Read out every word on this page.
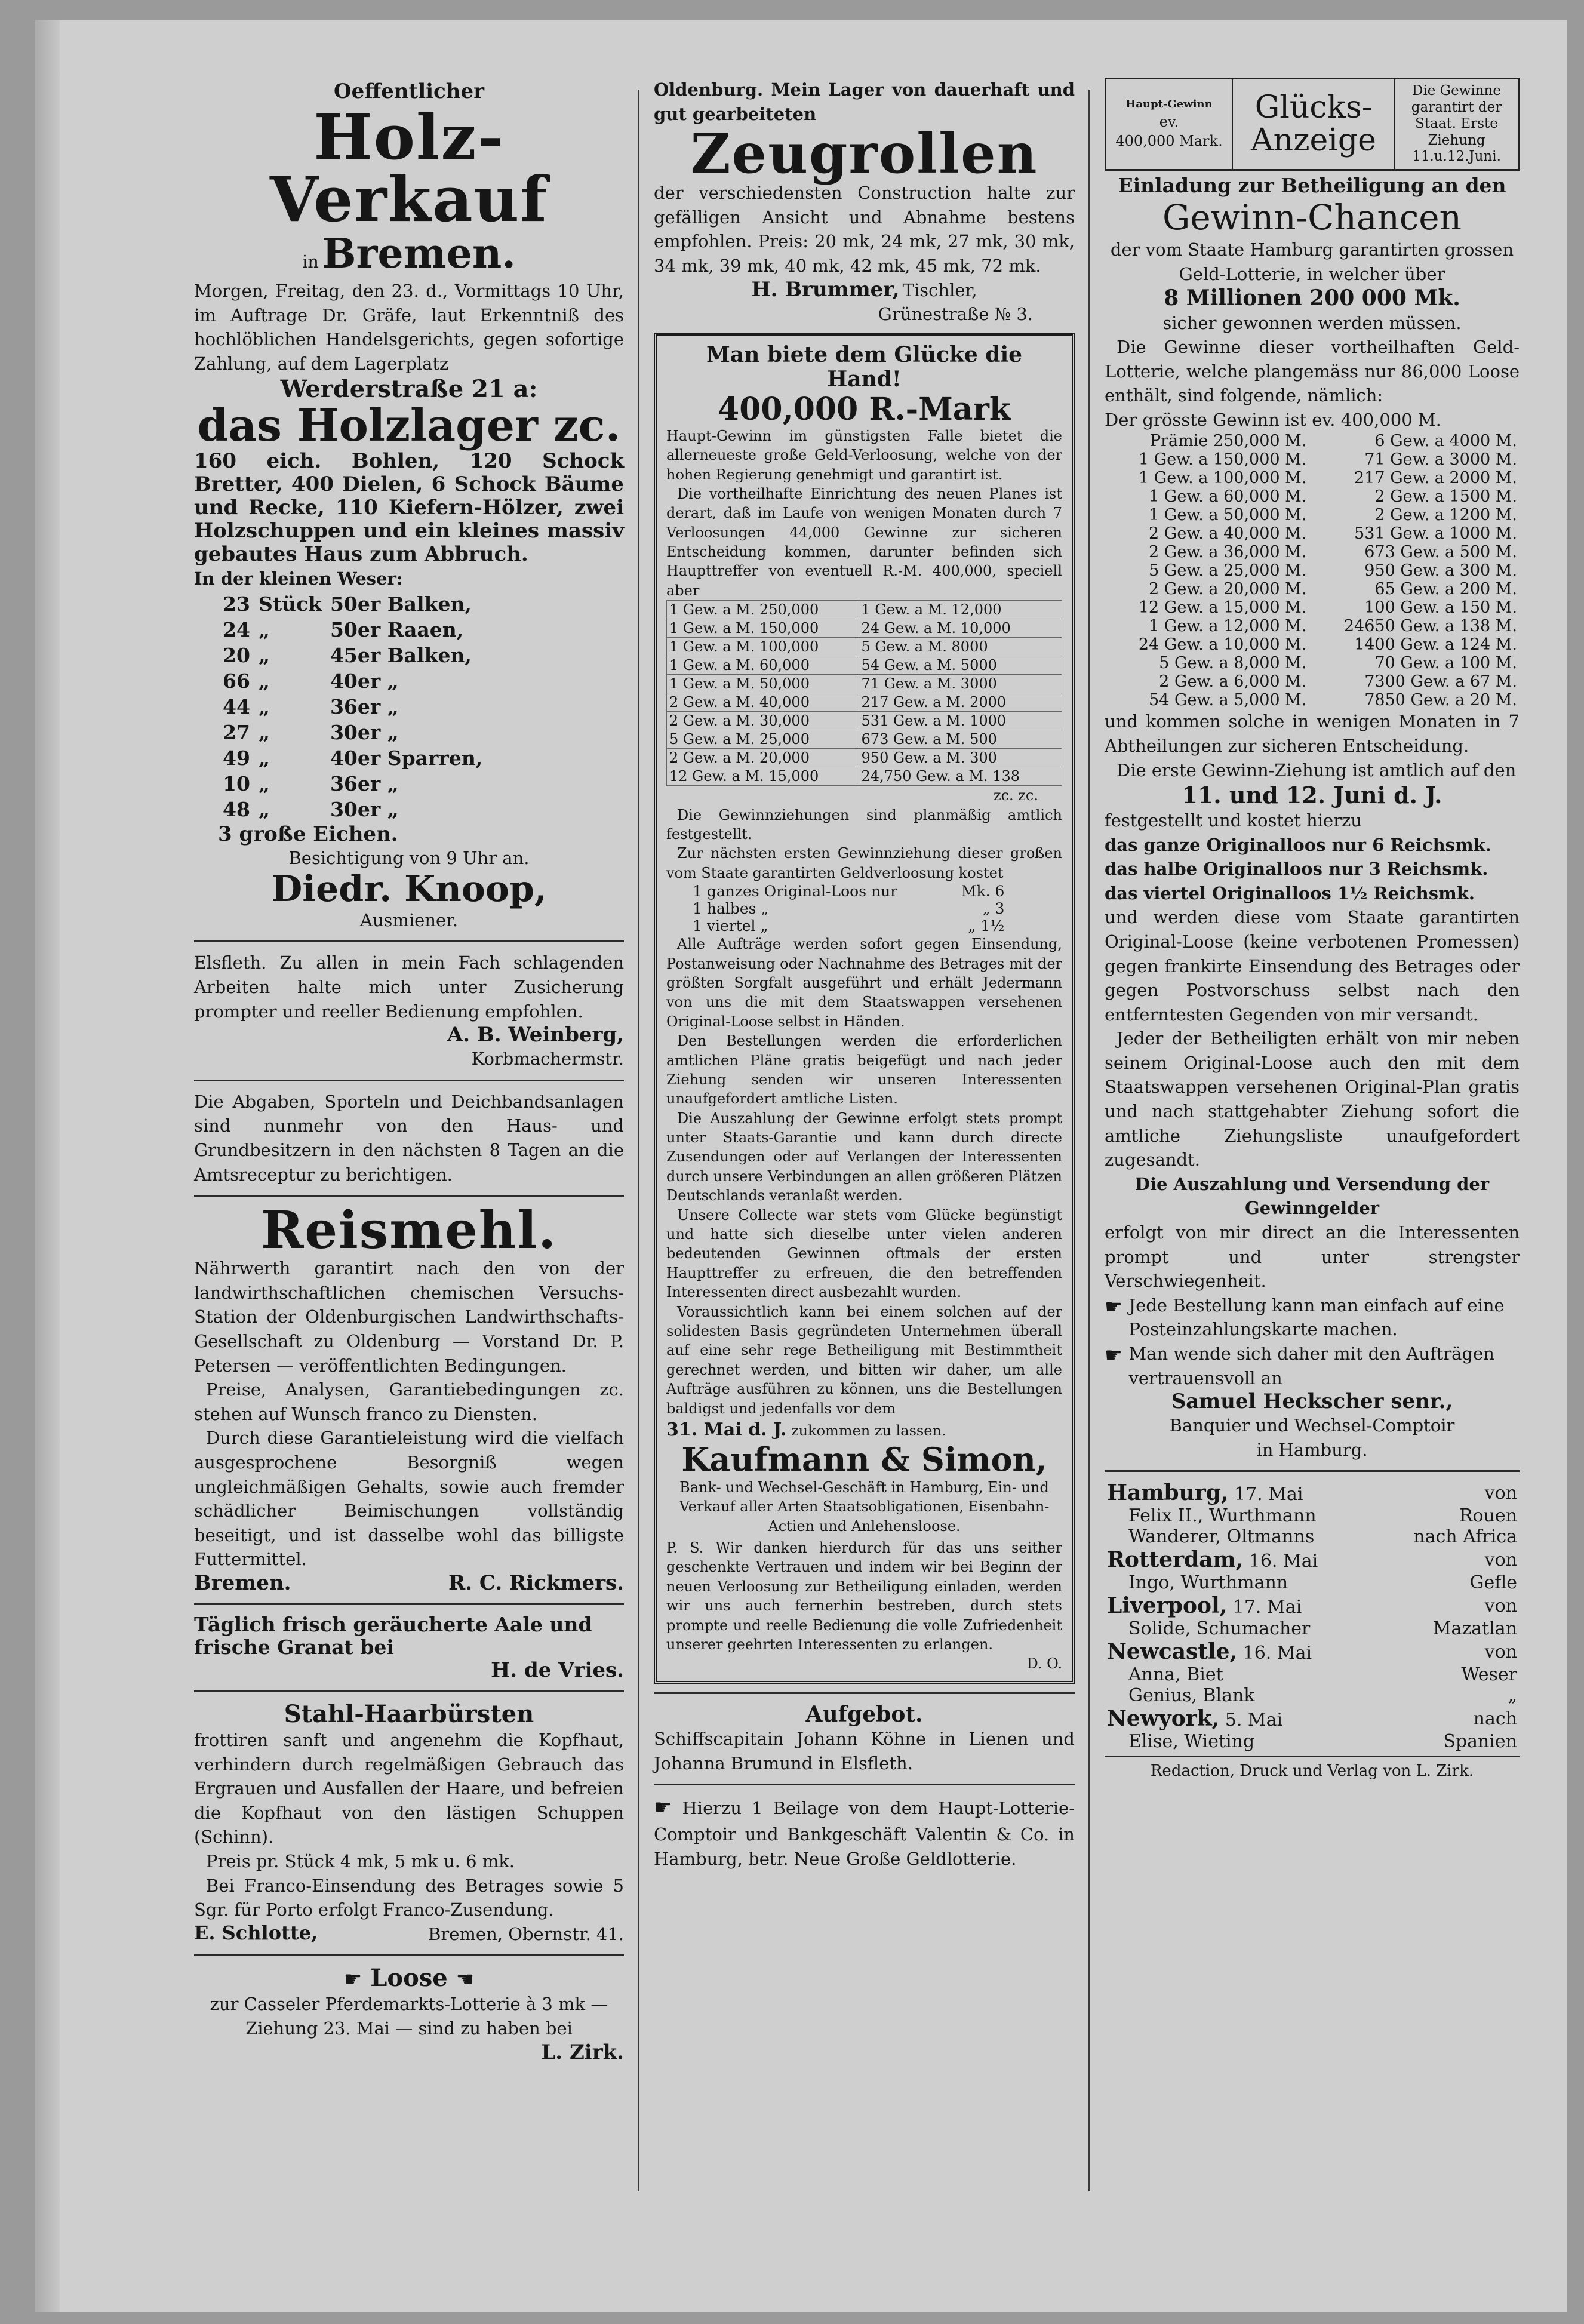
Oeffentlicher
Holz-Verkauf
in Bremen.
Morgen, Freitag, den 23. d., Vormittags 10 Uhr, im Auftrage Dr. Gräfe, laut Erkenntniß des hochlöblichen Handelsgerichts, gegen sofortige Zahlung, auf dem Lagerplatz
Werderstraße 21 a:
das Holzlager zc.
160 eich. Bohlen, 120 Schock Bretter, 400 Dielen, 6 Schock Bäume und Recke, 110 Kiefern-Hölzer, zwei Holzschuppen und ein kleines massiv gebautes Haus zum Abbruch.
In der kleinen Weser:
23	Stück	50er Balken,
24	„	50er Raaen,
20	„	45er Balken,
66	„	40er „
44	„	36er „
27	„	30er „
49	„	40er Sparren,
10	„	36er „
48	„	30er „
3 große Eichen.
Besichtigung von 9 Uhr an.
Diedr. Knoop,
Ausmiener.
Elsfleth. Zu allen in mein Fach schlagenden Arbeiten halte mich unter Zusicherung prompter und reeller Bedienung empfohlen.
A. B. Weinberg,
Korbmachermstr.
Die Abgaben, Sporteln und Deichbandsanlagen sind nunmehr von den Haus- und Grundbesitzern in den nächsten 8 Tagen an die Amtsreceptur zu berichtigen.
Reismehl.
Nährwerth garantirt nach den von der landwirthschaftlichen chemischen Versuchs-Station der Oldenburgischen Landwirthschafts-Gesellschaft zu Oldenburg — Vorstand Dr. P. Petersen — veröffentlichten Bedingungen.
Preise, Analysen, Garantiebedingungen zc. stehen auf Wunsch franco zu Diensten.
Durch diese Garantieleistung wird die vielfach ausgesprochene Besorgniß wegen ungleichmäßigen Gehalts, sowie auch fremder schädlicher Beimischungen vollständig beseitigt, und ist dasselbe wohl das billigste Futtermittel.
Bremen.	R. C. Rickmers.
Täglich frisch geräucherte Aale und frische Granat bei
H. de Vries.
Stahl-Haarbürsten
frottiren sanft und angenehm die Kopfhaut, verhindern durch regelmäßigen Gebrauch das Ergrauen und Ausfallen der Haare, und befreien die Kopfhaut von den lästigen Schuppen (Schinn).
Preis pr. Stück 4 mk, 5 mk u. 6 mk.
Bei Franco-Einsendung des Betrages sowie 5 Sgr. für Porto erfolgt Franco-Zusendung.
E. Schlotte,	Bremen, Obernstr. 41.
☛ Loose ☚
zur Casseler Pferdemarkts-Lotterie à 3 mk — Ziehung 23. Mai — sind zu haben bei
L. Zirk.
Oldenburg. Mein Lager von dauerhaft und gut gearbeiteten
Zeugrollen
der verschiedensten Construction halte zur gefälligen Ansicht und Abnahme bestens empfohlen. Preis: 20 mk, 24 mk, 27 mk, 30 mk, 34 mk, 39 mk, 40 mk, 42 mk, 45 mk, 72 mk.
H. Brummer, Tischler,
Grünestraße № 3.
Man biete dem Glücke die Hand!
400,000 R.-Mark
Haupt-Gewinn im günstigsten Falle bietet die allerneueste große Geld-Verloosung, welche von der hohen Regierung genehmigt und garantirt ist.
Die vortheilhafte Einrichtung des neuen Planes ist derart, daß im Laufe von wenigen Monaten durch 7 Verloosungen 44,000 Gewinne zur sicheren Entscheidung kommen, darunter befinden sich Haupttreffer von eventuell R.-M. 400,000, speciell aber
1 Gew. a M. 250,000	1 Gew. a M. 12,000
1 Gew. a M. 150,000	24 Gew. a M. 10,000
1 Gew. a M. 100,000	5 Gew. a M. 8000
1 Gew. a M. 60,000	54 Gew. a M. 5000
1 Gew. a M. 50,000	71 Gew. a M. 3000
2 Gew. a M. 40,000	217 Gew. a M. 2000
2 Gew. a M. 30,000	531 Gew. a M. 1000
5 Gew. a M. 25,000	673 Gew. a M. 500
2 Gew. a M. 20,000	950 Gew. a M. 300
12 Gew. a M. 15,000	24,750 Gew. a M. 138
zc. zc.
Die Gewinnziehungen sind planmäßig amtlich festgestellt.
Zur nächsten ersten Gewinnziehung dieser großen vom Staate garantirten Geldverloosung kostet
1 ganzes Original-Loos nur	Mk. 6
1 halbes „	„ 3
1 viertel „	„ 1½
Alle Aufträge werden sofort gegen Einsendung, Postanweisung oder Nachnahme des Betrages mit der größten Sorgfalt ausgeführt und erhält Jedermann von uns die mit dem Staatswappen versehenen Original-Loose selbst in Händen.
Den Bestellungen werden die erforderlichen amtlichen Pläne gratis beigefügt und nach jeder Ziehung senden wir unseren Interessenten unaufgefordert amtliche Listen.
Die Auszahlung der Gewinne erfolgt stets prompt unter Staats-Garantie und kann durch directe Zusendungen oder auf Verlangen der Interessenten durch unsere Verbindungen an allen größeren Plätzen Deutschlands veranlaßt werden.
Unsere Collecte war stets vom Glücke begünstigt und hatte sich dieselbe unter vielen anderen bedeutenden Gewinnen oftmals der ersten Haupttreffer zu erfreuen, die den betreffenden Interessenten direct ausbezahlt wurden.
Voraussichtlich kann bei einem solchen auf der solidesten Basis gegründeten Unternehmen überall auf eine sehr rege Betheiligung mit Bestimmtheit gerechnet werden, und bitten wir daher, um alle Aufträge ausführen zu können, uns die Bestellungen baldigst und jedenfalls vor dem
31. Mai d. J. zukommen zu lassen.
Kaufmann & Simon,
Bank- und Wechsel-Geschäft in Hamburg, Ein- und Verkauf aller Arten Staatsobligationen, Eisenbahn-Actien und Anlehensloose.
P. S. Wir danken hierdurch für das uns seither geschenkte Vertrauen und indem wir bei Beginn der neuen Verloosung zur Betheiligung einladen, werden wir uns auch fernerhin bestreben, durch stets prompte und reelle Bedienung die volle Zufriedenheit unserer geehrten Interessenten zu erlangen.
D. O.
Aufgebot.
Schiffscapitain Johann Köhne in Lienen und Johanna Brumund in Elsfleth.
☛ Hierzu 1 Beilage von dem Haupt-Lotterie-Comptoir und Bankgeschäft Valentin & Co. in Hamburg, betr. Neue Große Geldlotterie.
Haupt-Gewinn
ev.
400,000 Mark.
Glücks-
Anzeige
Die Gewinne garantirt der Staat. Erste Ziehung 11.u.12.Juni.
Einladung zur Betheiligung an den
Gewinn-Chancen
der vom Staate Hamburg garantirten grossen Geld-Lotterie, in welcher über
8 Millionen 200 000 Mk.
sicher gewonnen werden müssen.
Die Gewinne dieser vortheilhaften Geld-Lotterie, welche plangemäss nur 86,000 Loose enthält, sind folgende, nämlich:
Der grösste Gewinn ist ev. 400,000 M.
Prämie 250,000 M.	6 Gew. a 4000 M.
1 Gew. a 150,000 M.	71 Gew. a 3000 M.
1 Gew. a 100,000 M.	217 Gew. a 2000 M.
1 Gew. a 60,000 M.	2 Gew. a 1500 M.
1 Gew. a 50,000 M.	2 Gew. a 1200 M.
2 Gew. a 40,000 M.	531 Gew. a 1000 M.
2 Gew. a 36,000 M.	673 Gew. a 500 M.
5 Gew. a 25,000 M.	950 Gew. a 300 M.
2 Gew. a 20,000 M.	65 Gew. a 200 M.
12 Gew. a 15,000 M.	100 Gew. a 150 M.
1 Gew. a 12,000 M.	24650 Gew. a 138 M.
24 Gew. a 10,000 M.	1400 Gew. a 124 M.
5 Gew. a 8,000 M.	70 Gew. a 100 M.
2 Gew. a 6,000 M.	7300 Gew. a 67 M.
54 Gew. a 5,000 M.	7850 Gew. a 20 M.
und kommen solche in wenigen Monaten in 7 Abtheilungen zur sicheren Entscheidung.
Die erste Gewinn-Ziehung ist amtlich auf den
11. und 12. Juni d. J.
festgestellt und kostet hierzu
das ganze Originalloos nur 6 Reichsmk.
das halbe Originalloos nur 3 Reichsmk.
das viertel Originalloos 1½ Reichsmk.
und werden diese vom Staate garantirten Original-Loose (keine verbotenen Promessen) gegen frankirte Einsendung des Betrages oder gegen Postvorschuss selbst nach den entferntesten Gegenden von mir versandt.
Jeder der Betheiligten erhält von mir neben seinem Original-Loose auch den mit dem Staatswappen versehenen Original-Plan gratis und nach stattgehabter Ziehung sofort die amtliche Ziehungsliste unaufgefordert zugesandt.
Die Auszahlung und Versendung der Gewinngelder
erfolgt von mir direct an die Interessenten prompt und unter strengster Verschwiegenheit.
☛ Jede Bestellung kann man einfach auf eine Posteinzahlungskarte machen.
☛ Man wende sich daher mit den Aufträgen vertrauensvoll an
Samuel Heckscher senr.,
Banquier und Wechsel-Comptoir
in Hamburg.
Hamburg, 17. Mai	von
Felix II., Wurthmann	Rouen
Wanderer, Oltmanns	nach Africa
Rotterdam, 16. Mai	von
Ingo, Wurthmann	Gefle
Liverpool, 17. Mai	von
Solide, Schumacher	Mazatlan
Newcastle, 16. Mai	von
Anna, Biet	Weser
Genius, Blank	„
Newyork, 5. Mai	nach
Elise, Wieting	Spanien
Redaction, Druck und Verlag von L. Zirk.
